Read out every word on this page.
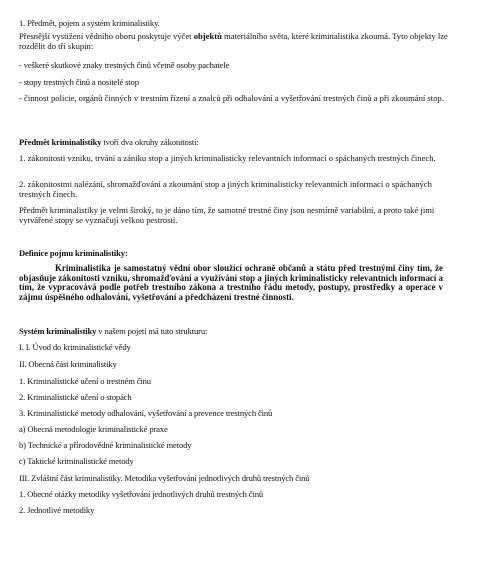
1. Předmět, pojem a systém kriminalistiky.
Přesnější vystižení vědního oboru poskytuje výčet objektů materiálního světa, které kriminalistika zkoumá. Tyto objekty lze rozdělit do tří skupin:
- veškeré skutkové znaky trestných činů včetně osoby pachatele
- stopy trestných činů a nositelé stop
- činnost policie, orgánů činných v trestním řízení a znalců při odhalování a vyšetřování trestných činů a při zkoumání stop.
Předmět kriminalistiky tvoří dva okruhy zákonitostí:
1. zákonitosti vzniku, trvání a zániku stop a jiných kriminalisticky relevantních informací o spáchaných trestných činech.
2. zákonitostmi nalézání, shromažďování a zkoumání stop a jiných kriminalisticky relevantních informací o spáchaných trestných činech.
Předmět kriminalistiky je velmi široký, to je dáno tím, že samotné trestné činy jsou nesmírně variabilní, a proto také jimi vytvářené stopy se vyznačují velkou pestrostí.
Definice pojmu kriminalistiky:
Kriminalistika je samostatný vědní obor sloužící ochraně občanů a státu před trestnými činy tím, že objasňuje zákonitosti vzniku, shromažďování a využívání stop a jiných kriminalisticky relevantních informací a tím, že vypracovává podle potřeb trestního zákona a trestního řádu metody, postupy, prostředky a operace v zájmu úspěšného odhalování, vyšetřování a předcházení trestné činnosti.
Systém kriminalistiky v našem pojetí má tuto strukturu:
I. I. Úvod do kriminalistické vědy
II. Obecná část kriminalistiky
1. Kriminalistické učení o trestném činu
2. Kriminalistické učení o stopách
3. Kriminalistické metody odhalování, vyšetřování a prevence trestných činů
a) Obecná metodologie kriminalistické praxe
b) Technické a přírodovědné kriminalistické metody
c) Taktické kriminalistické metody
III. Zvláštní část kriminalistiky. Metodika vyšetřování jednotlivých druhů trestných činů
1. Obecné otázky metodiky vyšetřování jednotlivých druhů trestných činů
2. Jednotlivé metodiky
